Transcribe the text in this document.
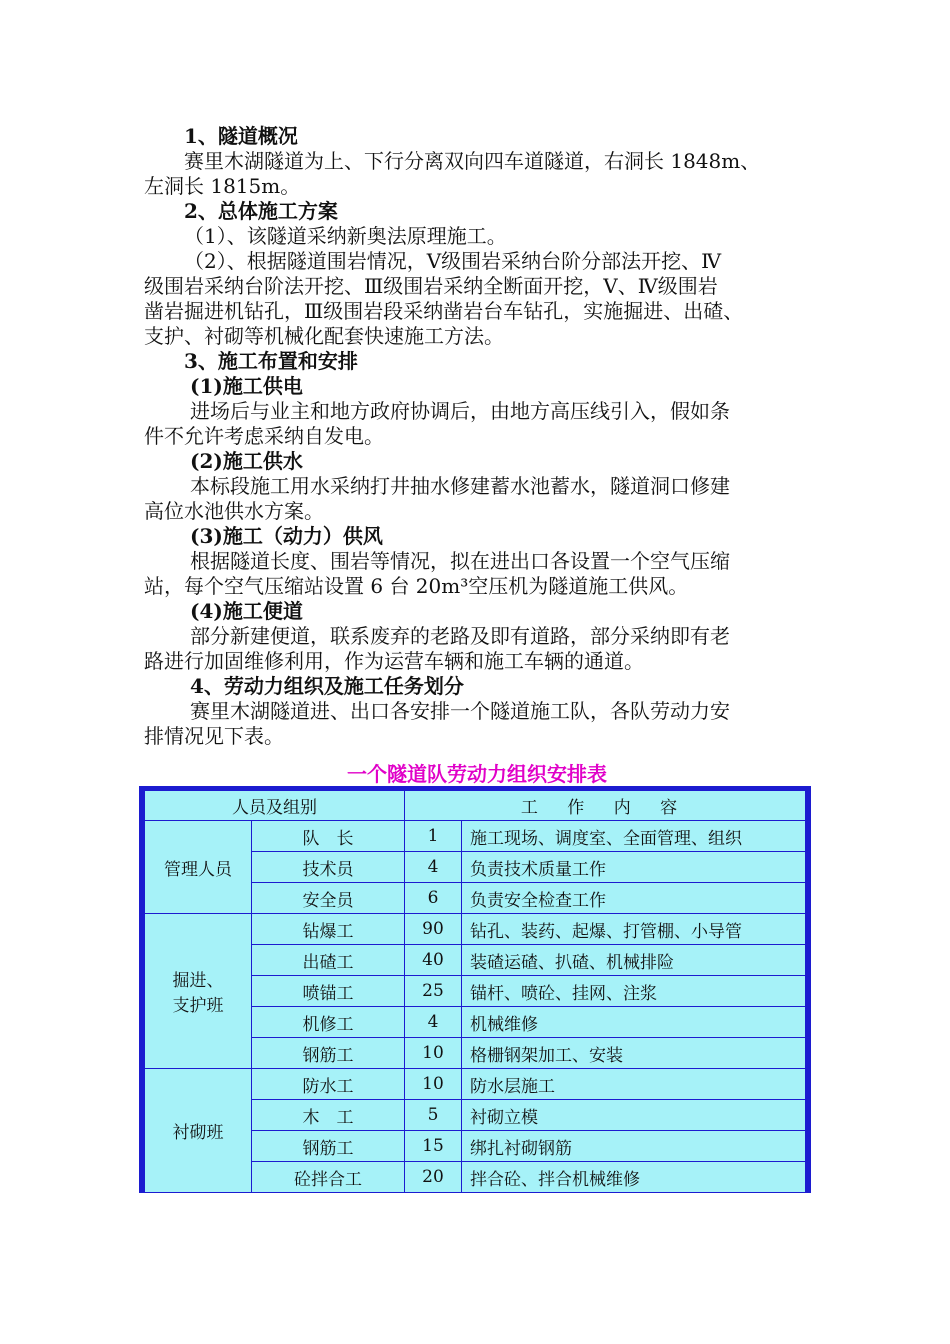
1、隧道概况
赛里木湖隧道为上、下行分离双向四车道隧道，右洞长 1848m、
左洞长 1815m。
2、总体施工方案
（1）、该隧道采纳新奥法原理施工。
（2）、根据隧道围岩情况，Ⅴ级围岩采纳台阶分部法开挖、Ⅳ
级围岩采纳台阶法开挖、Ⅲ级围岩采纳全断面开挖，Ⅴ、Ⅳ级围岩
凿岩掘进机钻孔，Ⅲ级围岩段采纳凿岩台车钻孔，实施掘进、出碴、
支护、衬砌等机械化配套快速施工方法。
3、施工布置和安排
(1)施工供电
进场后与业主和地方政府协调后，由地方高压线引入，假如条
件不允许考虑采纳自发电。
(2)施工供水
本标段施工用水采纳打井抽水修建蓄水池蓄水，隧道洞口修建
高位水池供水方案。
(3)施工（动力）供风
根据隧道长度、围岩等情况，拟在进出口各设置一个空气压缩
站，每个空气压缩站设置 6 台 20m³空压机为隧道施工供风。
(4)施工便道
部分新建便道，联系废弃的老路及即有道路，部分采纳即有老
路进行加固维修利用，作为运营车辆和施工车辆的通道。
4、劳动力组织及施工任务划分
赛里木湖隧道进、出口各安排一个隧道施工队，各队劳动力安
排情况见下表。
一个隧道队劳动力组织安排表
人员及组别		工 作 内 容	
管理人员	队　长	1	施工现场、调度室、全面管理、组织
	技术员	4	负责技术质量工作
	安全员	6	负责安全检查工作

掘进、
支护班	钻爆工	90	钻孔、装药、起爆、打管棚、小导管
	出碴工	40	装碴运碴、扒碴、机械排险
	喷锚工	25	锚杆、喷砼、挂网、注浆
	机修工	4	机械维修
	钢筋工	10	格栅钢架加工、安装
衬砌班	防水工	10	防水层施工
	木　工	5	衬砌立模
	钢筋工	15	绑扎衬砌钢筋
	砼拌合工	20	拌合砼、拌合机械维修
